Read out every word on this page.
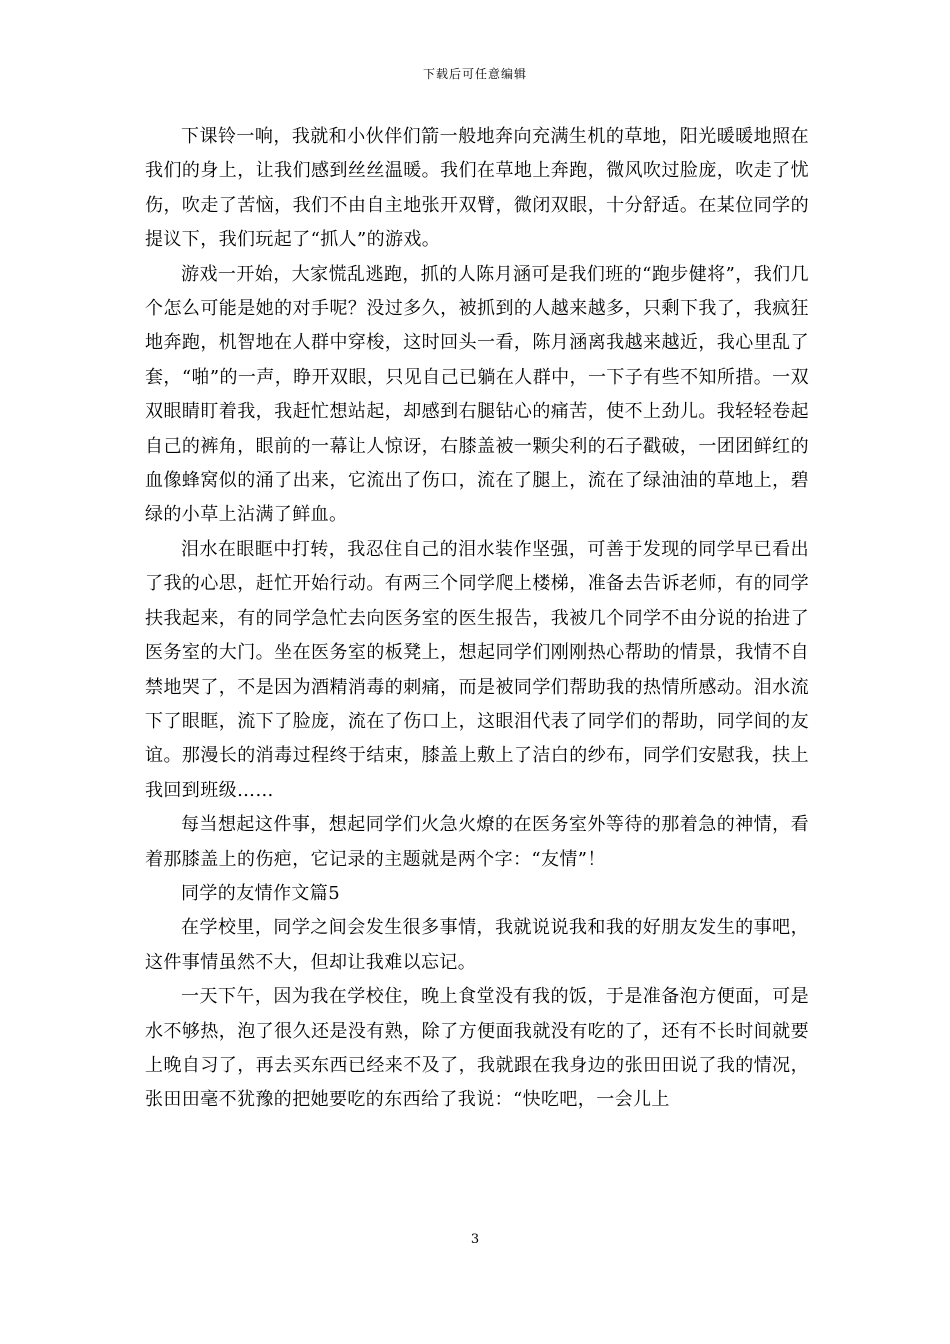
下载后可任意编辑

下课铃一响，我就和小伙伴们箭一般地奔向充满生机的草地，阳光暖暖地照在我们的身上，让我们感到丝丝温暖。我们在草地上奔跑，微风吹过脸庞，吹走了忧伤，吹走了苦恼，我们不由自主地张开双臂，微闭双眼，十分舒适。在某位同学的提议下，我们玩起了“抓人”的游戏。

游戏一开始，大家慌乱逃跑，抓的人陈月涵可是我们班的“跑步健将”，我们几个怎么可能是她的对手呢？没过多久，被抓到的人越来越多，只剩下我了，我疯狂地奔跑，机智地在人群中穿梭，这时回头一看，陈月涵离我越来越近，我心里乱了套，“啪”的一声，睁开双眼，只见自己已躺在人群中，一下子有些不知所措。一双双眼睛盯着我，我赶忙想站起，却感到右腿钻心的痛苦，使不上劲儿。我轻轻卷起自己的裤角，眼前的一幕让人惊讶，右膝盖被一颗尖利的石子戳破，一团团鲜红的血像蜂窝似的涌了出来，它流出了伤口，流在了腿上，流在了绿油油的草地上，碧绿的小草上沾满了鲜血。

泪水在眼眶中打转，我忍住自己的泪水装作坚强，可善于发现的同学早已看出了我的心思，赶忙开始行动。有两三个同学爬上楼梯，准备去告诉老师，有的同学扶我起来，有的同学急忙去向医务室的医生报告，我被几个同学不由分说的抬进了医务室的大门。坐在医务室的板凳上，想起同学们刚刚热心帮助的情景，我情不自禁地哭了，不是因为酒精消毒的刺痛，而是被同学们帮助我的热情所感动。泪水流下了眼眶，流下了脸庞，流在了伤口上，这眼泪代表了同学们的帮助，同学间的友谊。那漫长的消毒过程终于结束，膝盖上敷上了洁白的纱布，同学们安慰我，扶上我回到班级……

每当想起这件事，想起同学们火急火燎的在医务室外等待的那着急的神情，看着那膝盖上的伤疤，它记录的主题就是两个字：“友情”！

同学的友情作文篇5

在学校里，同学之间会发生很多事情，我就说说我和我的好朋友发生的事吧，这件事情虽然不大，但却让我难以忘记。

一天下午，因为我在学校住，晚上食堂没有我的饭，于是准备泡方便面，可是水不够热，泡了很久还是没有熟，除了方便面我就没有吃的了，还有不长时间就要上晚自习了，再去买东西已经来不及了，我就跟在我身边的张田田说了我的情况，张田田毫不犹豫的把她要吃的东西给了我说：“快吃吧，一会儿上

3
